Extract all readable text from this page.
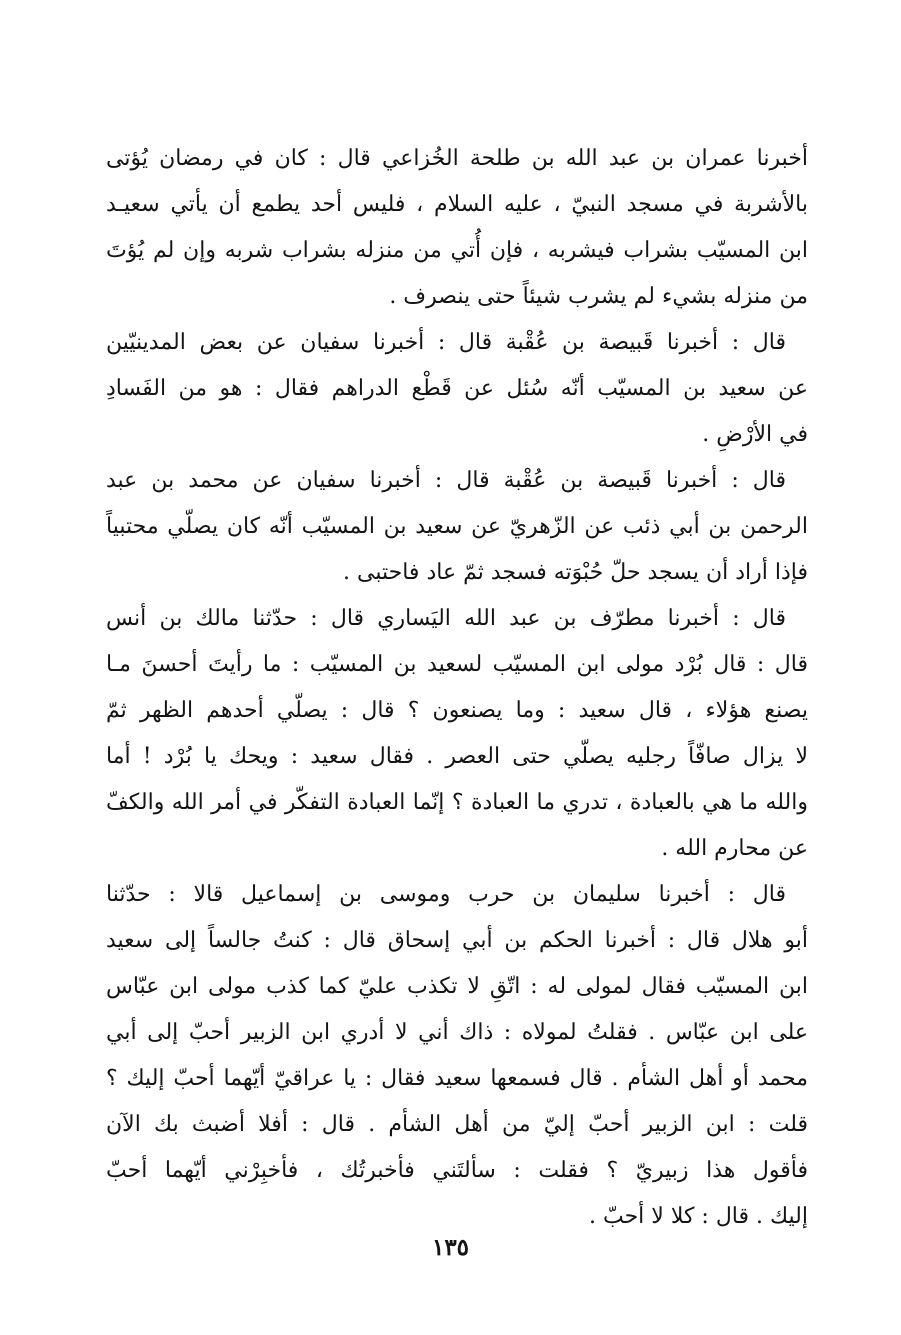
أخبرنا عمران بن عبد الله بن طلحة الخُزاعي قال : كان في رمضان يُؤتى
بالأشربة في مسجد النبيّ ، عليه السلام ، فليس أحد يطمع أن يأتي سعيـد
ابن المسيّب بشراب فيشربه ، فإن أُتي من منزله بشراب شربه وإن لم يُؤتَ
من منزله بشيء لم يشرب شيئاً حتى ينصرف .
قال : أخبرنا قَبيصة بن عُقْبة قال : أخبرنا سفيان عن بعض المدينيّين
عن سعيد بن المسيّب أنّه سُئل عن قَطْع الدراهم فقال : هو من الفَسادِ
في الأرْضِ .
قال : أخبرنا قَبيصة بن عُقْبة قال : أخبرنا سفيان عن محمد بن عبد
الرحمن بن أبي ذئب عن الزّهريّ عن سعيد بن المسيّب أنّه كان يصلّي محتبياً
فإذا أراد أن يسجد حلّ حُبْوَته فسجد ثمّ عاد فاحتبى .
قال : أخبرنا مطرّف بن عبد الله اليَساري قال : حدّثنا مالك بن أنس
قال : قال بُرْد مولى ابن المسيّب لسعيد بن المسيّب : ما رأيتَ أحسنَ مـا
يصنع هؤلاء ، قال سعيد : وما يصنعون ؟ قال : يصلّي أحدهم الظهر ثمّ
لا يزال صافّاً رجليه يصلّي حتى العصر . فقال سعيد : ويحك يا بُرْد ! أما
والله ما هي بالعبادة ، تدري ما العبادة ؟ إنّما العبادة التفكّر في أمر الله والكفّ
عن محارم الله .
قال : أخبرنا سليمان بن حرب وموسى بن إسماعيل قالا : حدّثنا
أبو هلال قال : أخبرنا الحكم بن أبي إسحاق قال : كنتُ جالساً إلى سعيد
ابن المسيّب فقال لمولى له : اتّقِ لا تكذب عليّ كما كذب مولى ابن عبّاس
على ابن عبّاس . فقلتُ لمولاه : ذاك أني لا أدري ابن الزبير أحبّ إلى أبي
محمد أو أهل الشأم . قال فسمعها سعيد فقال : يا عراقيّ أيّهما أحبّ إليك ؟
قلت : ابن الزبير أحبّ إليّ من أهل الشأم . قال : أفلا أضبث بك الآن
فأقول هذا زبيريّ ؟ فقلت : سألتَني فأخبرتُك ، فأخبِرْني أيّهما أحبّ
إليك . قال : كلا لا أحبّ .
١٣٥
